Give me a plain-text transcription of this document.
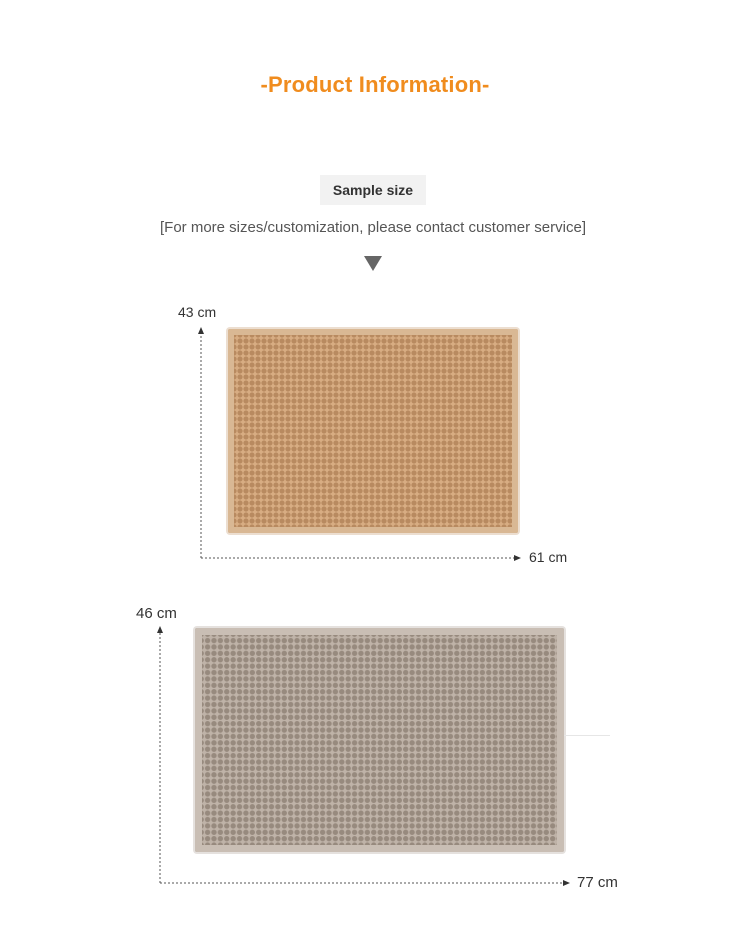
-Product Information-
Sample size
[For more sizes/customization, please contact customer service]
43 cm
61 cm
46 cm
77 cm
